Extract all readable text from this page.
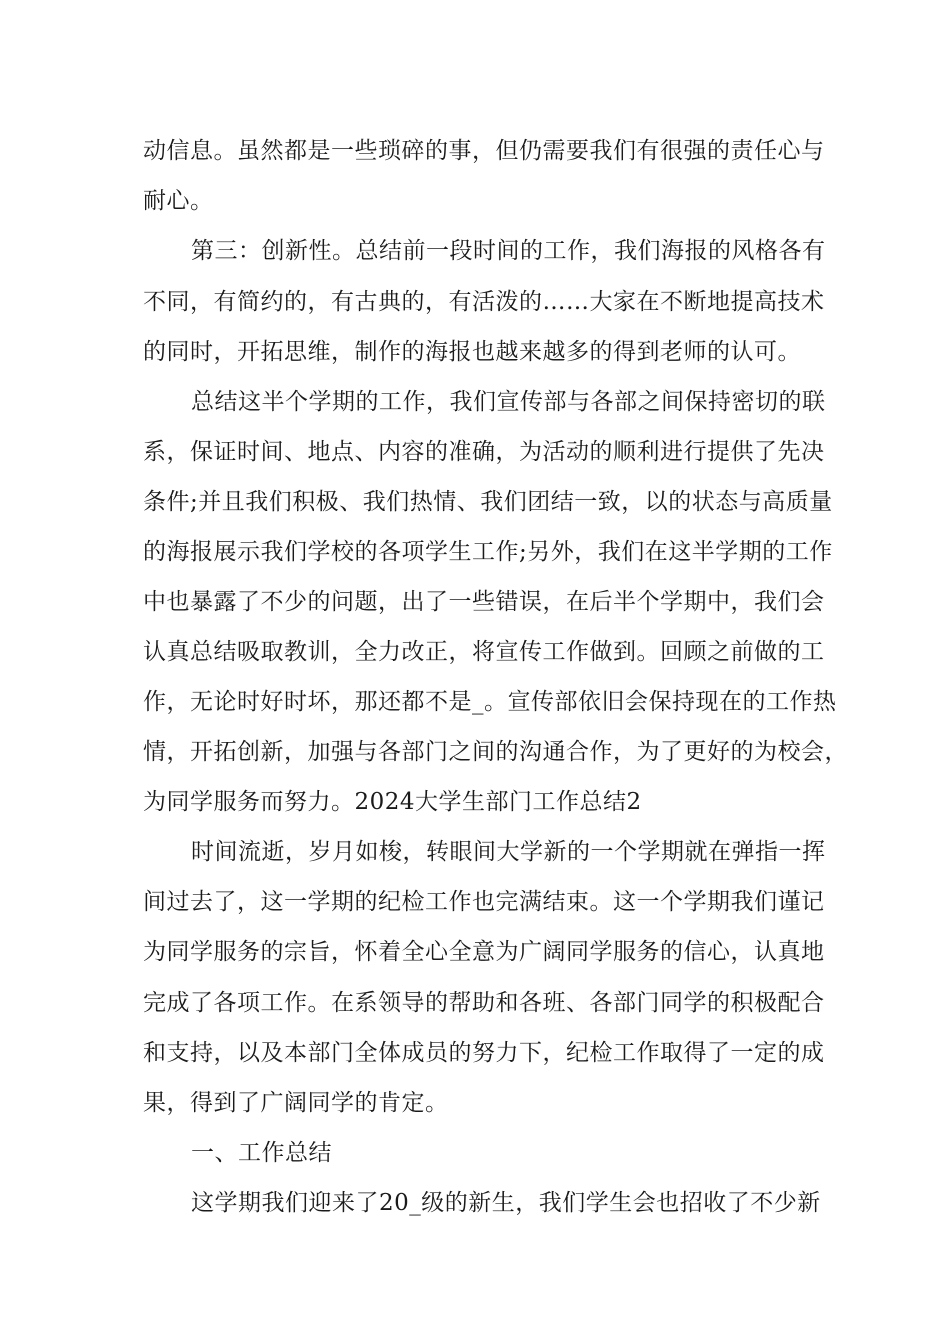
动信息。虽然都是一些琐碎的事，但仍需要我们有很强的责任心与
耐心。
第三：创新性。总结前一段时间的工作，我们海报的风格各有
不同，有简约的，有古典的，有活泼的……大家在不断地提高技术
的同时，开拓思维，制作的海报也越来越多的得到老师的认可。
总结这半个学期的工作，我们宣传部与各部之间保持密切的联
系，保证时间、地点、内容的准确，为活动的顺利进行提供了先决
条件;并且我们积极、我们热情、我们团结一致，以的状态与高质量
的海报展示我们学校的各项学生工作;另外，我们在这半学期的工作
中也暴露了不少的问题，出了一些错误，在后半个学期中，我们会
认真总结吸取教训，全力改正，将宣传工作做到。回顾之前做的工
作，无论时好时坏，那还都不是_。宣传部依旧会保持现在的工作热
情，开拓创新，加强与各部门之间的沟通合作，为了更好的为校会，
为同学服务而努力。2024大学生部门工作总结2
时间流逝，岁月如梭，转眼间大学新的一个学期就在弹指一挥
间过去了，这一学期的纪检工作也完满结束。这一个学期我们谨记
为同学服务的宗旨，怀着全心全意为广阔同学服务的信心，认真地
完成了各项工作。在系领导的帮助和各班、各部门同学的积极配合
和支持，以及本部门全体成员的努力下，纪检工作取得了一定的成
果，得到了广阔同学的肯定。
一、工作总结
这学期我们迎来了20_级的新生，我们学生会也招收了不少新
